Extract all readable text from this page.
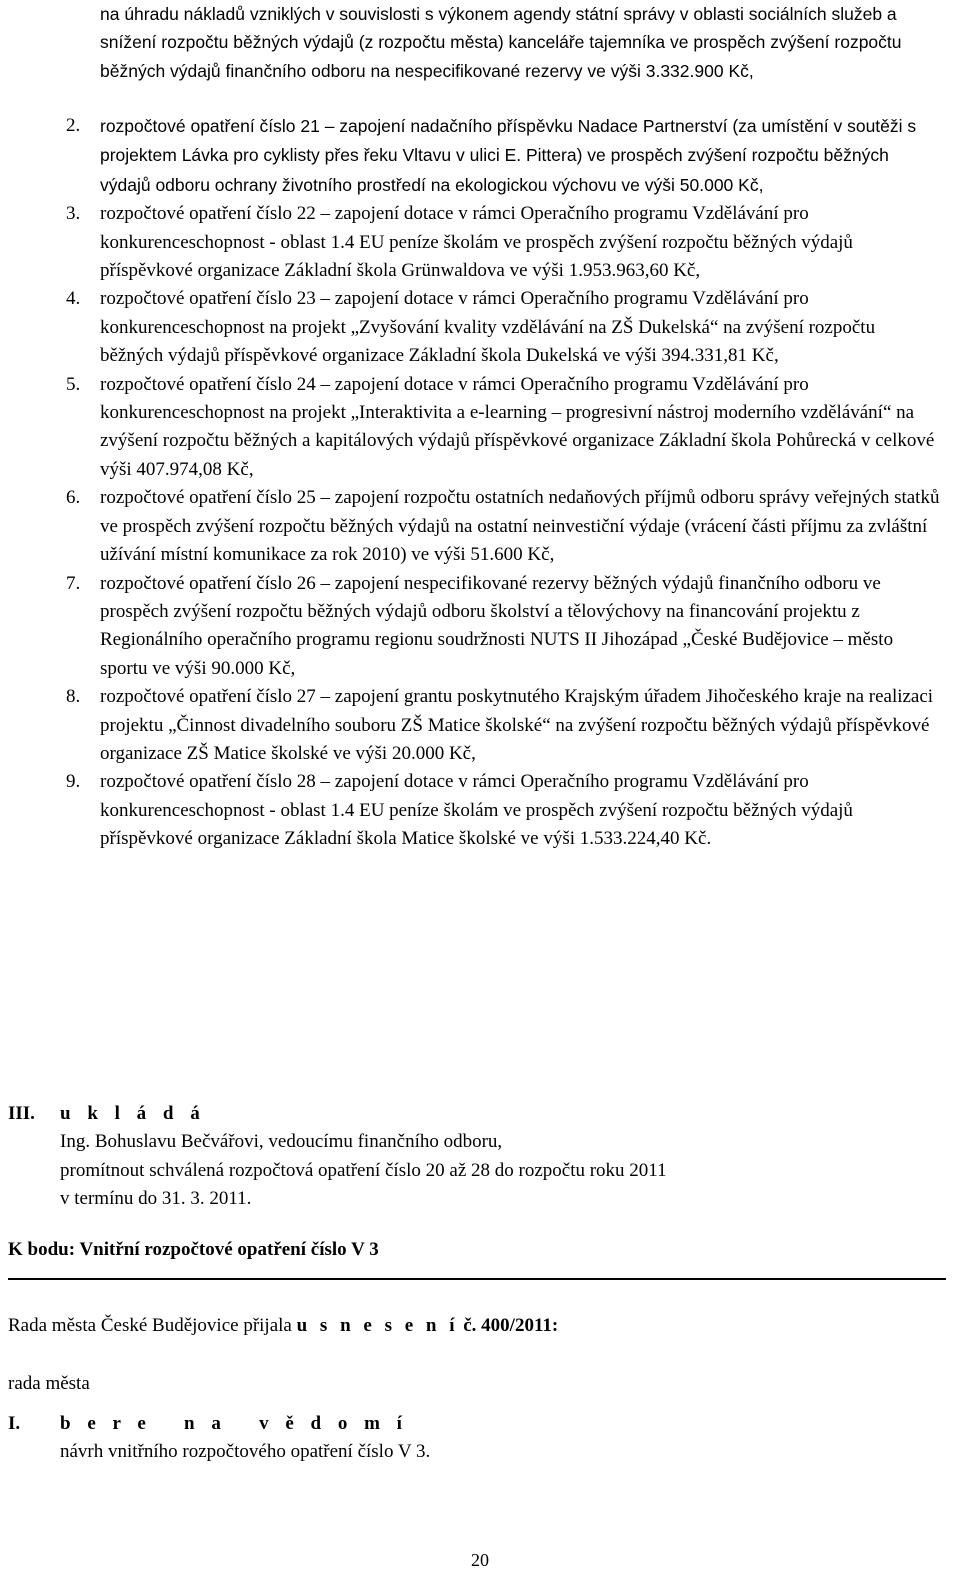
na úhradu nákladů vzniklých v souvislosti s výkonem agendy státní správy v oblasti sociálních služeb a snížení rozpočtu běžných výdajů (z rozpočtu města) kanceláře tajemníka ve prospěch zvýšení rozpočtu běžných výdajů finančního odboru na nespecifikované rezervy ve výši 3.332.900 Kč,
2. rozpočtové opatření číslo 21 – zapojení nadačního příspěvku Nadace Partnerství (za umístění v soutěži s projektem Lávka pro cyklisty přes řeku Vltavu v ulici E. Pittera) ve prospěch zvýšení rozpočtu běžných výdajů odboru ochrany životního prostředí na ekologickou výchovu ve výši 50.000 Kč,
3. rozpočtové opatření číslo 22 – zapojení dotace v rámci Operačního programu Vzdělávání pro konkurenceschopnost - oblast 1.4 EU peníze školám ve prospěch zvýšení rozpočtu běžných výdajů příspěvkové organizace Základní škola Grünwaldova ve výši 1.953.963,60 Kč,
4. rozpočtové opatření číslo 23 – zapojení dotace v rámci Operačního programu Vzdělávání pro konkurenceschopnost na projekt „Zvyšování kvality vzdělávání na ZŠ Dukelská“ na zvýšení rozpočtu běžných výdajů příspěvkové organizace Základní škola Dukelská ve výši 394.331,81 Kč,
5. rozpočtové opatření číslo 24 – zapojení dotace v rámci Operačního programu Vzdělávání pro konkurenceschopnost na projekt „Interaktivita a e-learning – progresivní nástroj moderního vzdělávání“ na zvýšení rozpočtu běžných a kapitálových výdajů příspěvkové organizace Základní škola Pohůrecká v celkové výši 407.974,08 Kč,
6. rozpočtové opatření číslo 25 – zapojení rozpočtu ostatních nedaňových příjmů odboru správy veřejných statků ve prospěch zvýšení rozpočtu běžných výdajů na ostatní neinvestiční výdaje (vrácení části příjmu za zvláštní užívání místní komunikace za rok 2010) ve výši 51.600 Kč,
7. rozpočtové opatření číslo 26 – zapojení nespecifikované rezervy běžných výdajů finančního odboru ve prospěch zvýšení rozpočtu běžných výdajů odboru školství a tělovýchovy na financování projektu z Regionálního operačního programu regionu soudržnosti NUTS II Jihozápad „České Budějovice – město sportu ve výši 90.000 Kč,
8. rozpočtové opatření číslo 27 – zapojení grantu poskytnutého Krajským úřadem Jihočeského kraje na realizaci projektu „Činnost divadelního souboru ZŠ Matice školské“ na zvýšení rozpočtu běžných výdajů příspěvkové organizace ZŠ Matice školské ve výši 20.000 Kč,
9. rozpočtové opatření číslo 28 – zapojení dotace v rámci Operačního programu Vzdělávání pro konkurenceschopnost - oblast 1.4 EU peníze školám ve prospěch zvýšení rozpočtu běžných výdajů příspěvkové organizace Základní škola Matice školské ve výši 1.533.224,40 Kč.
III. u k l á d á
Ing. Bohuslavu Bečvářovi, vedoucímu finančního odboru,
promítnout schválená rozpočtová opatření číslo 20 až 28 do rozpočtu roku 2011
v termínu do 31. 3. 2011.
K bodu: Vnitřní rozpočtové opatření číslo V 3
Rada města České Budějovice přijala u s n e s e n í č. 400/2011:
rada města
I. b e r e   n a   v ě d o m í
návrh vnitřního rozpočtového opatření číslo V 3.
20
